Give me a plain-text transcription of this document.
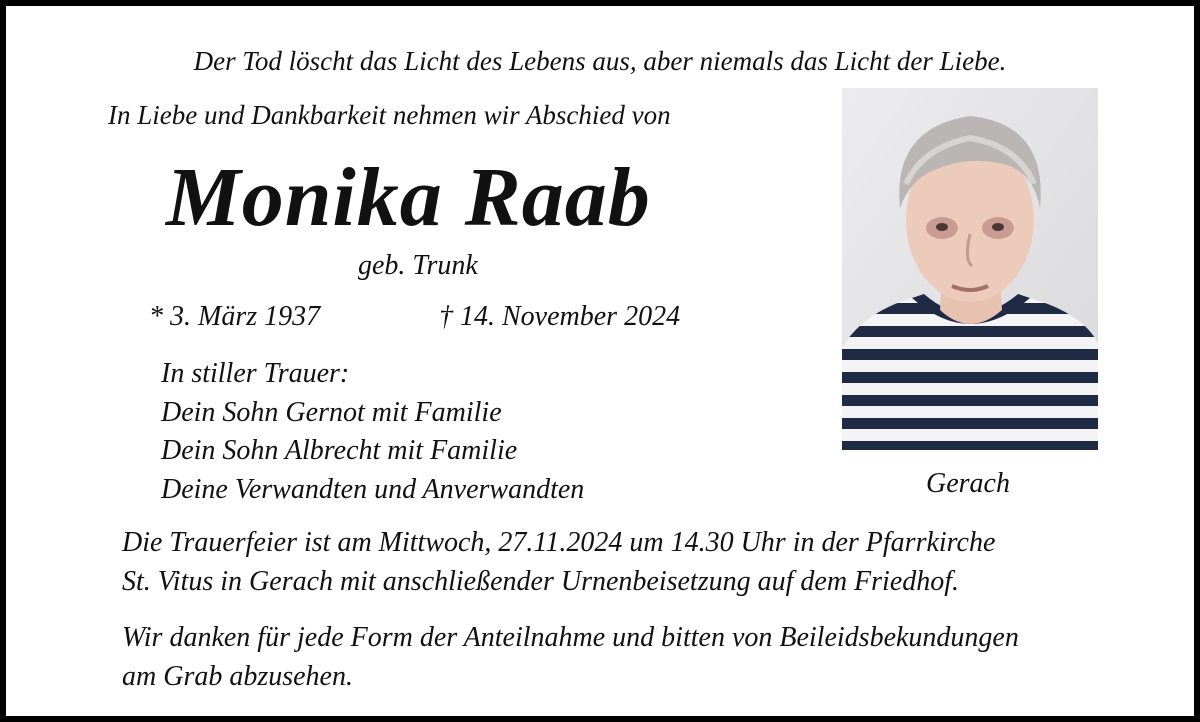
Der Tod löscht das Licht des Lebens aus, aber niemals das Licht der Liebe.
In Liebe und Dankbarkeit nehmen wir Abschied von
Monika Raab
geb. Trunk
* 3. März 1937	† 14. November 2024
In stiller Trauer:
Dein Sohn Gernot mit Familie
Dein Sohn Albrecht mit Familie
Deine Verwandten und Anverwandten	Gerach
Die Trauerfeier ist am Mittwoch, 27.11.2024 um 14.30 Uhr in der Pfarrkirche
St. Vitus in Gerach mit anschließender Urnenbeisetzung auf dem Friedhof.
Wir danken für jede Form der Anteilnahme und bitten von Beileidsbekundungen
am Grab abzusehen.
